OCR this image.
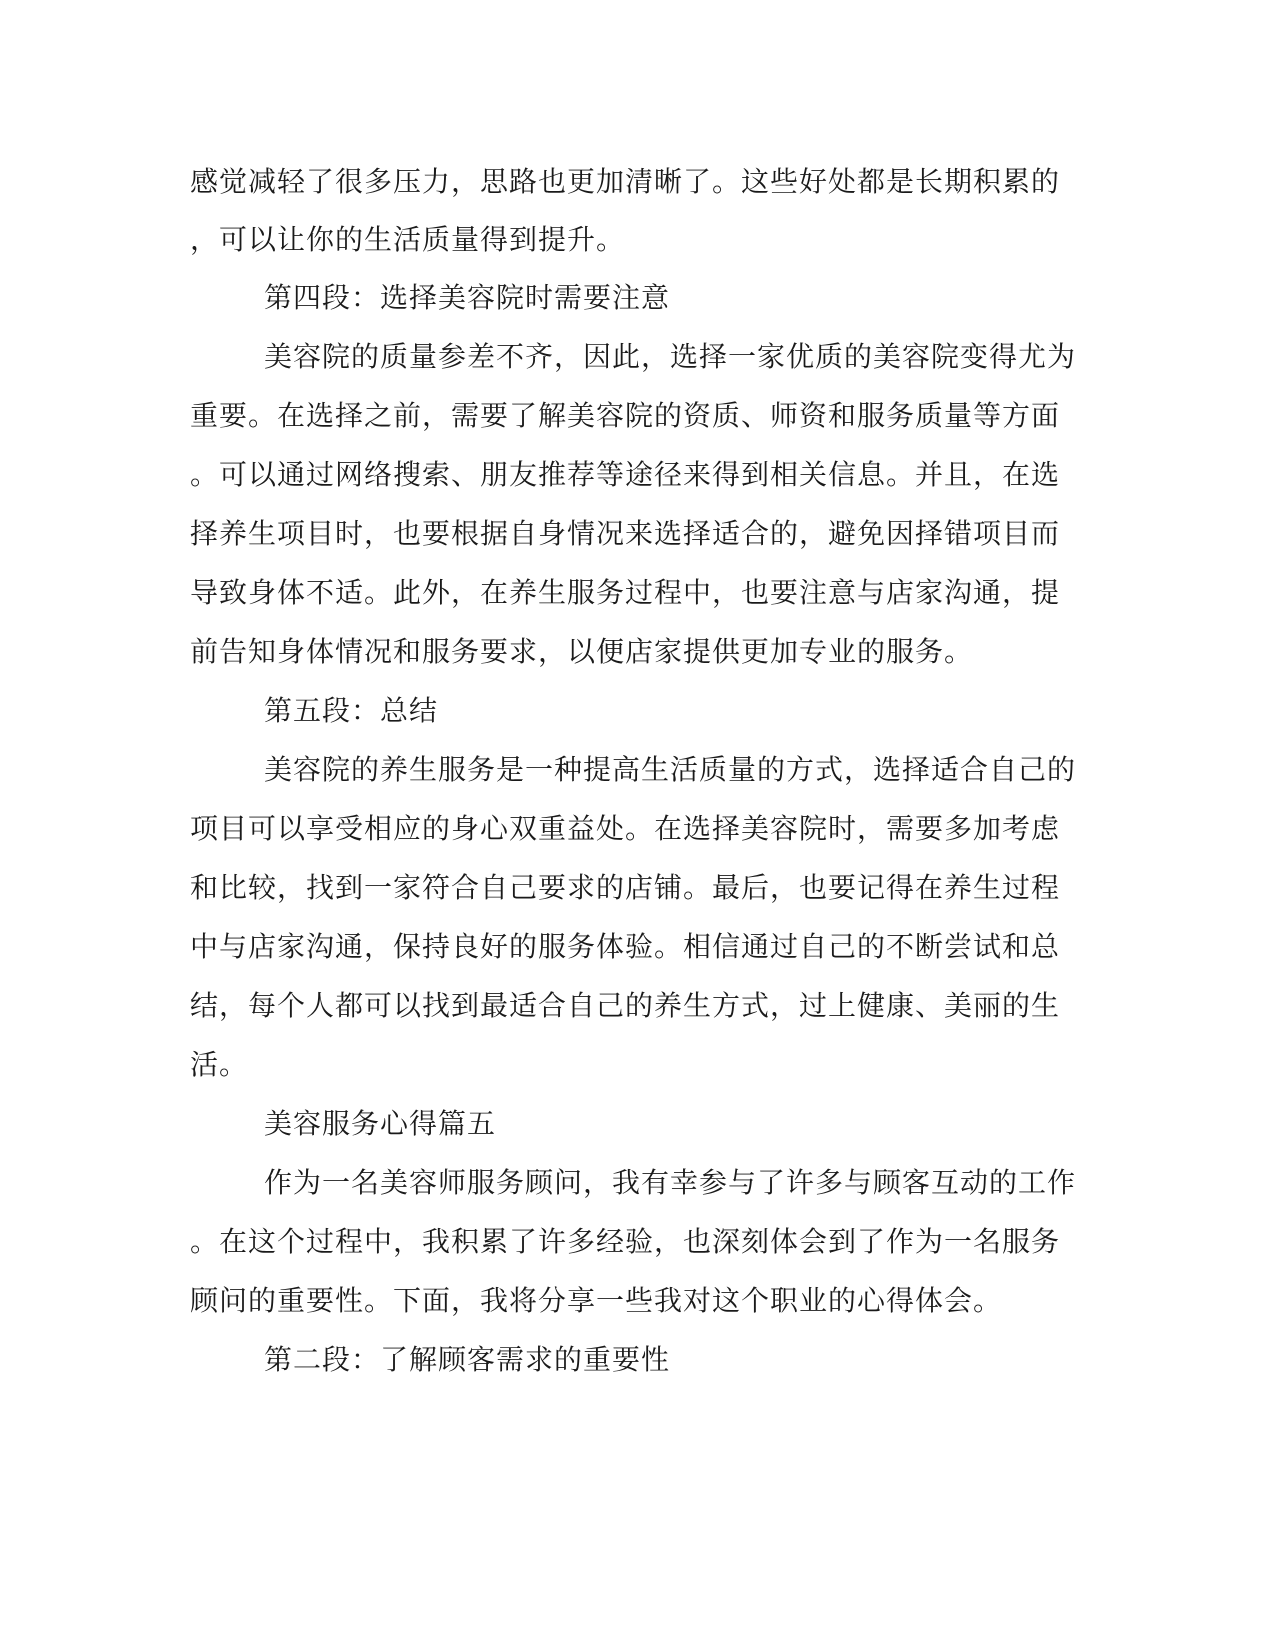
感觉减轻了很多压力，思路也更加清晰了。这些好处都是长期积累的
，可以让你的生活质量得到提升。
第四段：选择美容院时需要注意
美容院的质量参差不齐，因此，选择一家优质的美容院变得尤为
重要。在选择之前，需要了解美容院的资质、师资和服务质量等方面
。可以通过网络搜索、朋友推荐等途径来得到相关信息。并且，在选
择养生项目时，也要根据自身情况来选择适合的，避免因择错项目而
导致身体不适。此外，在养生服务过程中，也要注意与店家沟通，提
前告知身体情况和服务要求，以便店家提供更加专业的服务。
第五段：总结
美容院的养生服务是一种提高生活质量的方式，选择适合自己的
项目可以享受相应的身心双重益处。在选择美容院时，需要多加考虑
和比较，找到一家符合自己要求的店铺。最后，也要记得在养生过程
中与店家沟通，保持良好的服务体验。相信通过自己的不断尝试和总
结，每个人都可以找到最适合自己的养生方式，过上健康、美丽的生
活。
美容服务心得篇五
作为一名美容师服务顾问，我有幸参与了许多与顾客互动的工作
。在这个过程中，我积累了许多经验，也深刻体会到了作为一名服务
顾问的重要性。下面，我将分享一些我对这个职业的心得体会。
第二段：了解顾客需求的重要性
